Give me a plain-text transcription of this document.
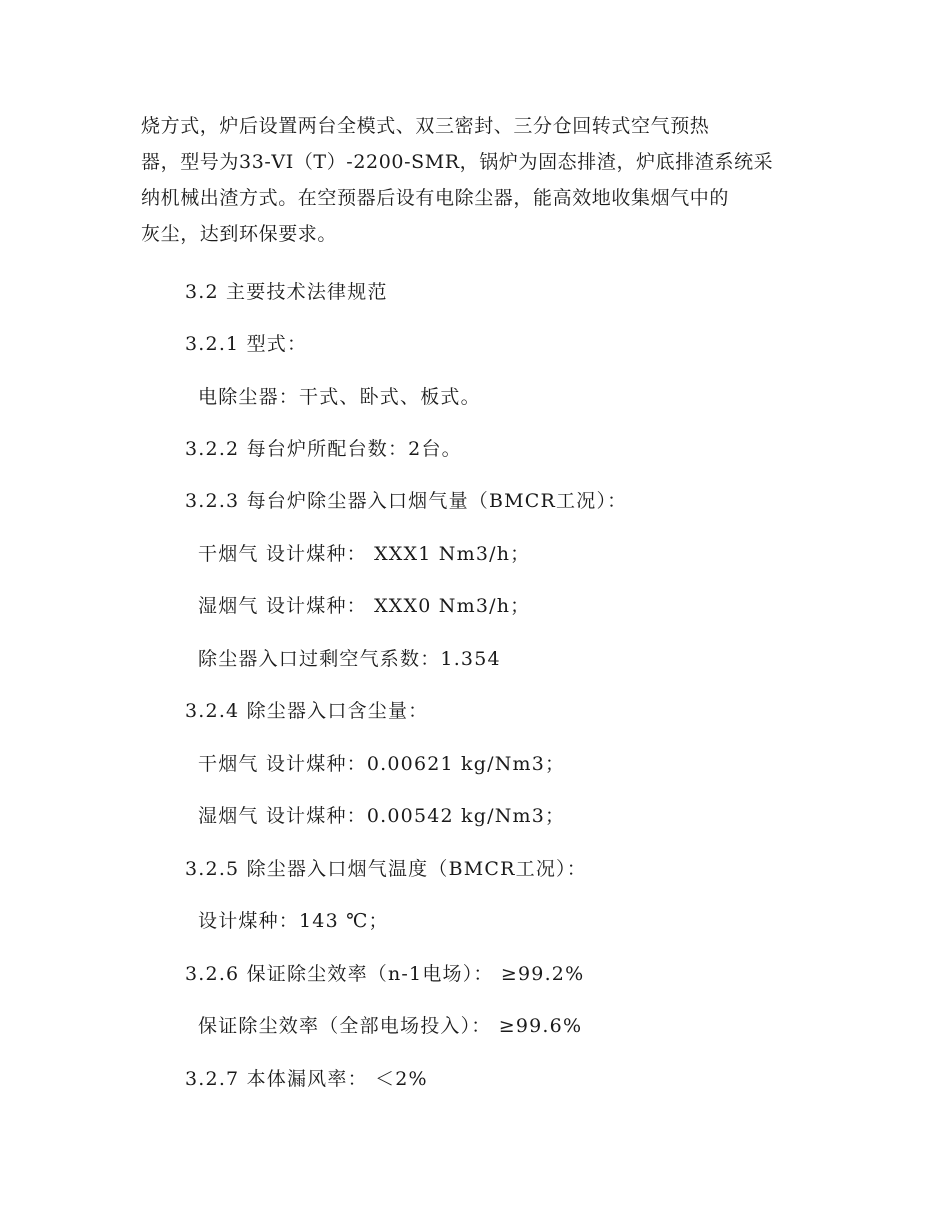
烧方式，炉后设置两台全模式、双三密封、三分仓回转式空气预热
器，型号为33-VI（T）-2200-SMR，锅炉为固态排渣，炉底排渣系统采
纳机械出渣方式。在空预器后设有电除尘器，能高效地收集烟气中的
灰尘，达到环保要求。
3.2 主要技术法律规范
3.2.1 型式：
电除尘器：干式、卧式、板式。
3.2.2 每台炉所配台数：2台。
3.2.3 每台炉除尘器入口烟气量（BMCR工况）：
干烟气 设计煤种： XXX1 Nm3/h；
湿烟气 设计煤种： XXX0 Nm3/h；
除尘器入口过剩空气系数：1.354
3.2.4 除尘器入口含尘量：
干烟气 设计煤种：0.00621 kg/Nm3；
湿烟气 设计煤种：0.00542 kg/Nm3；
3.2.5 除尘器入口烟气温度（BMCR工况）：
设计煤种：143 ℃；
3.2.6 保证除尘效率（n-1电场）： ≥99.2%
保证除尘效率（全部电场投入）： ≥99.6%
3.2.7 本体漏风率： ＜2%
